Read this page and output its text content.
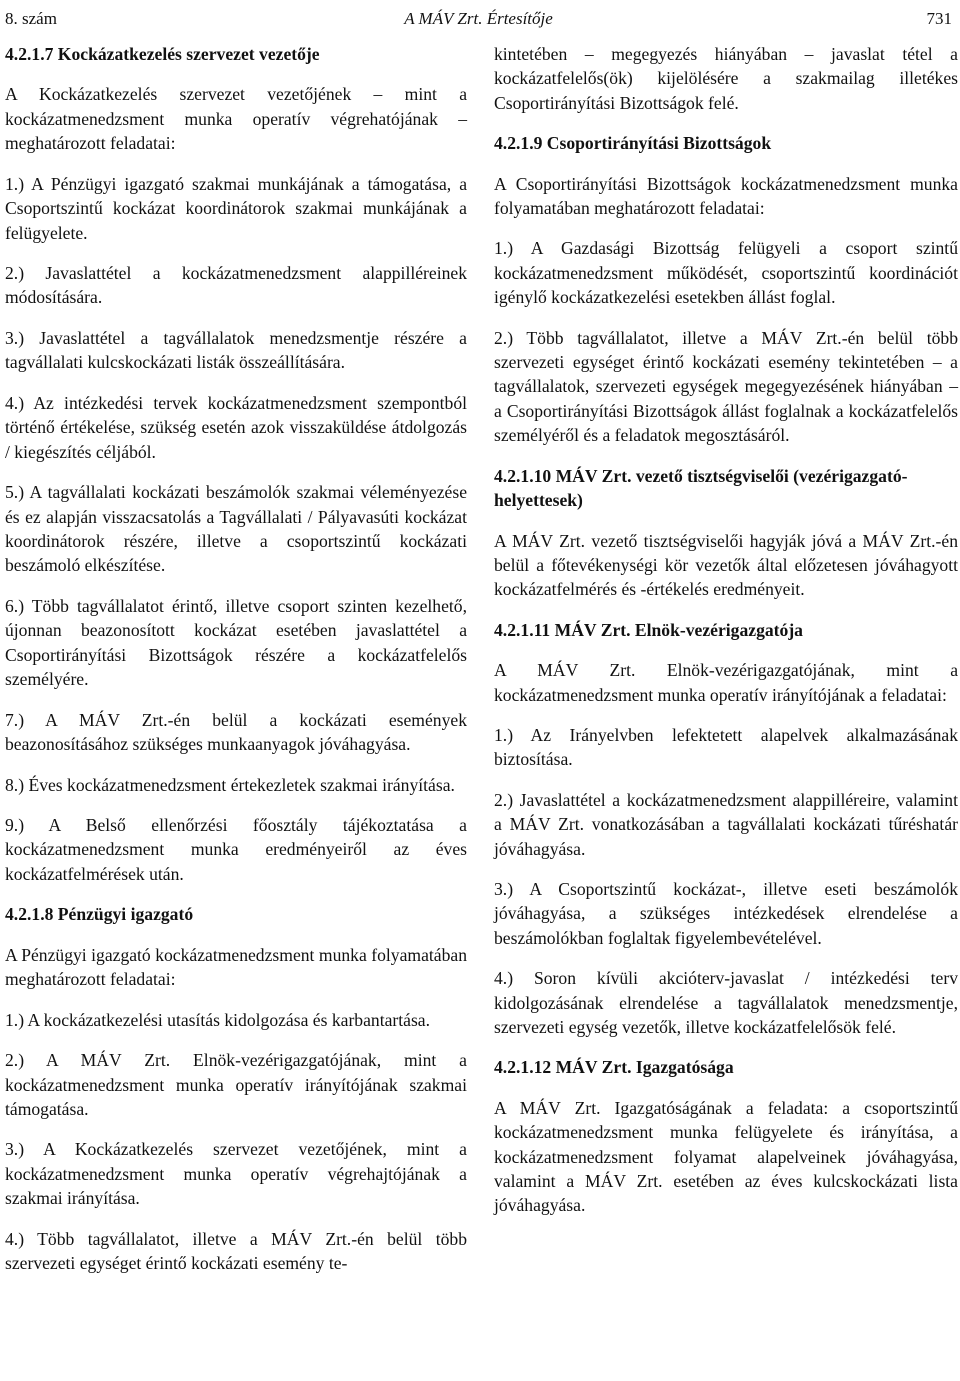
8. szám	A MÁV Zrt. Értesítője	731
4.2.1.7 Kockázatkezelés szervezet vezetője
A Kockázatkezelés szervezet vezetőjének – mint a kockázatmenedzsment munka operatív végrehatójának – meghatározott feladatai:
1.) A Pénzügyi igazgató szakmai munkájának a támogatása, a Csoportszintű kockázat koordinátorok szakmai munkájának a felügyelete.
2.) Javaslattétel a kockázatmenedzsment alappilléreinek módosítására.
3.) Javaslattétel a tagvállalatok menedzsmentje részére a tagvállalati kulcskockázati listák összeállítására.
4.) Az intézkedési tervek kockázatmenedzsment szempontból történő értékelése, szükség esetén azok visszaküldése átdolgozás / kiegészítés céljából.
5.) A tagvállalati kockázati beszámolók szakmai véleményezése és ez alapján visszacsatolás a Tagvállalati / Pályavasúti kockázat koordinátorok részére, illetve a csoportszintű kockázati beszámoló elkészítése.
6.) Több tagvállalatot érintő, illetve csoport szinten kezelhető, újonnan beazonosított kockázat esetében javaslattétel a Csoportirányítási Bizottságok részére a kockázatfelelős személyére.
7.) A MÁV Zrt.-én belül a kockázati események beazonosításához szükséges munkaanyagok jóváhagyása.
8.) Éves kockázatmenedzsment értekezletek szakmai irányítása.
9.) A Belső ellenőrzési főosztály tájékoztatása a kockázatmenedzsment munka eredményeiről az éves kockázatfelmérések után.
4.2.1.8 Pénzügyi igazgató
A Pénzügyi igazgató kockázatmenedzsment munka folyamatában meghatározott feladatai:
1.) A kockázatkezelési utasítás kidolgozása és karbantartása.
2.) A MÁV Zrt. Elnök-vezérigazgatójának, mint a kockázatmenedzsment munka operatív irányítójának szakmai támogatása.
3.) A Kockázatkezelés szervezet vezetőjének, mint a kockázatmenedzsment munka operatív végrehajtójának a szakmai irányítása.
4.) Több tagvállalatot, illetve a MÁV Zrt.-én belül több szervezeti egységet érintő kockázati esemény te-
kintetében – megegyezés hiányában – javaslat tétel a kockázatfelelős(ök) kijelölésére a szakmailag illetékes Csoportirányítási Bizottságok felé.
4.2.1.9 Csoportirányítási Bizottságok
A Csoportirányítási Bizottságok kockázatmenedzsment munka folyamatában meghatározott feladatai:
1.) A Gazdasági Bizottság felügyeli a csoport szintű kockázatmenedzsment működését, csoportszintű koordinációt igénylő kockázatkezelési esetekben állást foglal.
2.) Több tagvállalatot, illetve a MÁV Zrt.-én belül több szervezeti egységet érintő kockázati esemény tekintetében – a tagvállalatok, szervezeti egységek megegyezésének hiányában – a Csoportirányítási Bizottságok állást foglalnak a kockázatfelelős személyéről és a feladatok megosztásáról.
4.2.1.10 MÁV Zrt. vezető tisztségviselői (vezérigazgató-helyettesek)
A MÁV Zrt. vezető tisztségviselői hagyják jóvá a MÁV Zrt.-én belül a főtevékenységi kör vezetők által előzetesen jóváhagyott kockázatfelmérés és -értékelés eredményeit.
4.2.1.11 MÁV Zrt. Elnök-vezérigazgatója
A MÁV Zrt. Elnök-vezérigazgatójának, mint a kockázatmenedzsment munka operatív irányítójának a feladatai:
1.) Az Irányelvben lefektetett alapelvek alkalmazásának biztosítása.
2.) Javaslattétel a kockázatmenedzsment alappilléreire, valamint a MÁV Zrt. vonatkozásában a tagvállalati kockázati tűréshatár jóváhagyása.
3.) A Csoportszintű kockázat-, illetve eseti beszámolók jóváhagyása, a szükséges intézkedések elrendelése a beszámolókban foglaltak figyelembevételével.
4.) Soron kívüli akcióterv-javaslat / intézkedési terv kidolgozásának elrendelése a tagvállalatok menedzsmentje, szervezeti egység vezetők, illetve kockázatfelelősök felé.
4.2.1.12 MÁV Zrt. Igazgatósága
A MÁV Zrt. Igazgatóságának a feladata: a csoportszintű kockázatmenedzsment munka felügyelete és irányítása, a kockázatmenedzsment folyamat alapelveinek jóváhagyása, valamint a MÁV Zrt. esetében az éves kulcskockázati lista jóváhagyása.
